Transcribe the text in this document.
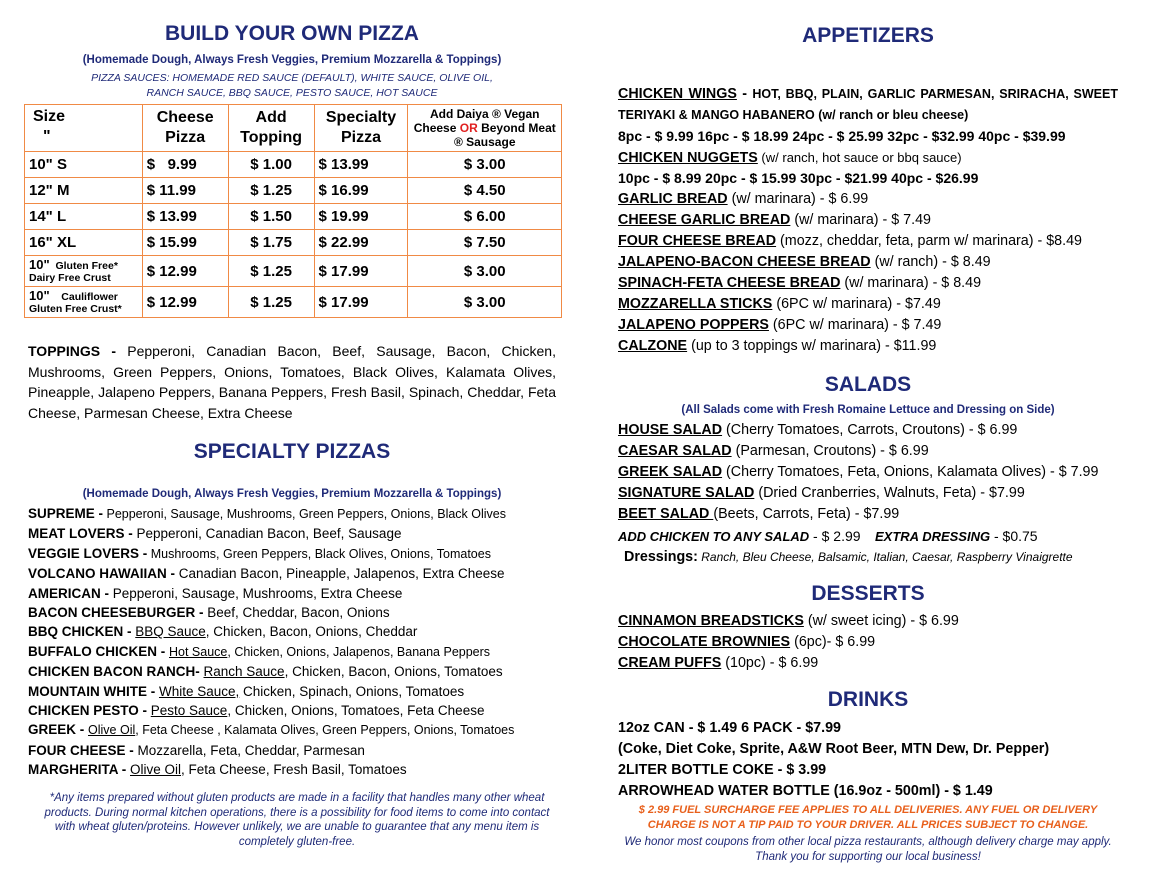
BUILD YOUR OWN PIZZA
(Homemade Dough, Always Fresh Veggies, Premium Mozzarella & Toppings)
PIZZA SAUCES: HOMEMADE RED SAUCE (DEFAULT), WHITE SAUCE, OLIVE OIL,
RANCH SAUCE, BBQ SAUCE, PESTO SAUCE, HOT SAUCE
Size
"	Cheese Pizza	Add Topping	Specialty Pizza	Add Daiya ® Vegan Cheese OR Beyond Meat ® Sausage
10" S	$   9.99	$ 1.00	$ 13.99	$ 3.00
12" M	$ 11.99	$ 1.25	$ 16.99	$ 4.50
14" L	$ 13.99	$ 1.50	$ 19.99	$ 6.00
16" XL	$ 15.99	$ 1.75	$ 22.99	$ 7.50

10" Gluten Free*
Dairy Free Crust	$ 12.99	$ 1.25	$ 17.99	$ 3.00

10" Cauliflower
Gluten Free Crust*	$ 12.99	$ 1.25	$ 17.99	$ 3.00
TOPPINGS - Pepperoni, Canadian Bacon, Beef, Sausage, Bacon, Chicken, Mushrooms, Green Peppers, Onions, Tomatoes, Black Olives, Kalamata Olives, Pineapple, Jalapeno Peppers, Banana Peppers, Fresh Basil, Spinach, Cheddar, Feta Cheese, Parmesan Cheese, Extra Cheese
SPECIALTY PIZZAS
(Homemade Dough, Always Fresh Veggies, Premium Mozzarella & Toppings)
SUPREME - Pepperoni, Sausage, Mushrooms, Green Peppers, Onions, Black Olives
MEAT LOVERS - Pepperoni, Canadian Bacon, Beef, Sausage
VEGGIE LOVERS - Mushrooms, Green Peppers, Black Olives, Onions, Tomatoes
VOLCANO HAWAIIAN - Canadian Bacon, Pineapple, Jalapenos, Extra Cheese
AMERICAN - Pepperoni, Sausage, Mushrooms, Extra Cheese
BACON CHEESEBURGER - Beef, Cheddar, Bacon, Onions
BBQ CHICKEN - BBQ Sauce, Chicken, Bacon, Onions, Cheddar
BUFFALO CHICKEN - Hot Sauce, Chicken, Onions, Jalapenos, Banana Peppers
CHICKEN BACON RANCH- Ranch Sauce, Chicken, Bacon, Onions, Tomatoes
MOUNTAIN WHITE - White Sauce, Chicken, Spinach, Onions, Tomatoes
CHICKEN PESTO - Pesto Sauce, Chicken, Onions, Tomatoes, Feta Cheese
GREEK - Olive Oil, Feta Cheese , Kalamata Olives, Green Peppers, Onions, Tomatoes
FOUR CHEESE - Mozzarella, Feta, Cheddar, Parmesan
MARGHERITA - Olive Oil, Feta Cheese, Fresh Basil, Tomatoes
*Any items prepared without gluten products are made in a facility that handles many other wheat products. During normal kitchen operations, there is a possibility for food items to come into contact with wheat gluten/proteins. However unlikely, we are unable to guarantee that any menu item is completely gluten-free.
APPETIZERS
CHICKEN WINGS - HOT, BBQ, PLAIN, GARLIC PARMESAN, SRIRACHA, SWEET TERIYAKI & MANGO HABANERO (w/ ranch or bleu cheese)
8pc - $ 9.99 16pc - $ 18.99 24pc - $ 25.99 32pc - $32.99 40pc - $39.99
CHICKEN NUGGETS (w/ ranch, hot sauce or bbq sauce)
10pc - $ 8.99 20pc - $ 15.99 30pc - $21.99 40pc - $26.99
GARLIC BREAD (w/ marinara) - $ 6.99
CHEESE GARLIC BREAD (w/ marinara) - $ 7.49
FOUR CHEESE BREAD (mozz, cheddar, feta, parm w/ marinara) - $8.49
JALAPENO-BACON CHEESE BREAD (w/ ranch) - $ 8.49
SPINACH-FETA CHEESE BREAD (w/ marinara) - $ 8.49
MOZZARELLA STICKS (6PC w/ marinara) - $7.49
JALAPENO POPPERS (6PC w/ marinara) - $ 7.49
CALZONE (up to 3 toppings w/ marinara) - $11.99
SALADS
(All Salads come with Fresh Romaine Lettuce and Dressing on Side)
HOUSE SALAD (Cherry Tomatoes, Carrots, Croutons) - $ 6.99
CAESAR SALAD (Parmesan, Croutons) - $ 6.99
GREEK SALAD (Cherry Tomatoes, Feta, Onions, Kalamata Olives) - $ 7.99
SIGNATURE SALAD (Dried Cranberries, Walnuts, Feta) - $7.99
BEET SALAD (Beets, Carrots, Feta) - $7.99
ADD CHICKEN TO ANY SALAD - $ 2.99 EXTRA DRESSING - $0.75
Dressings: Ranch, Bleu Cheese, Balsamic, Italian, Caesar, Raspberry Vinaigrette
DESSERTS
CINNAMON BREADSTICKS (w/ sweet icing) - $ 6.99
CHOCOLATE BROWNIES (6pc)- $ 6.99
CREAM PUFFS (10pc) - $ 6.99
DRINKS
12oz CAN - $ 1.49 6 PACK - $7.99
(Coke, Diet Coke, Sprite, A&W Root Beer, MTN Dew, Dr. Pepper)
2LITER BOTTLE COKE - $ 3.99
ARROWHEAD WATER BOTTLE (16.9oz - 500ml) - $ 1.49
$ 2.99 FUEL SURCHARGE FEE APPLIES TO ALL DELIVERIES. ANY FUEL OR DELIVERY CHARGE IS NOT A TIP PAID TO YOUR DRIVER. ALL PRICES SUBJECT TO CHANGE.
We honor most coupons from other local pizza restaurants, although delivery charge may apply. Thank you for supporting our local business!
